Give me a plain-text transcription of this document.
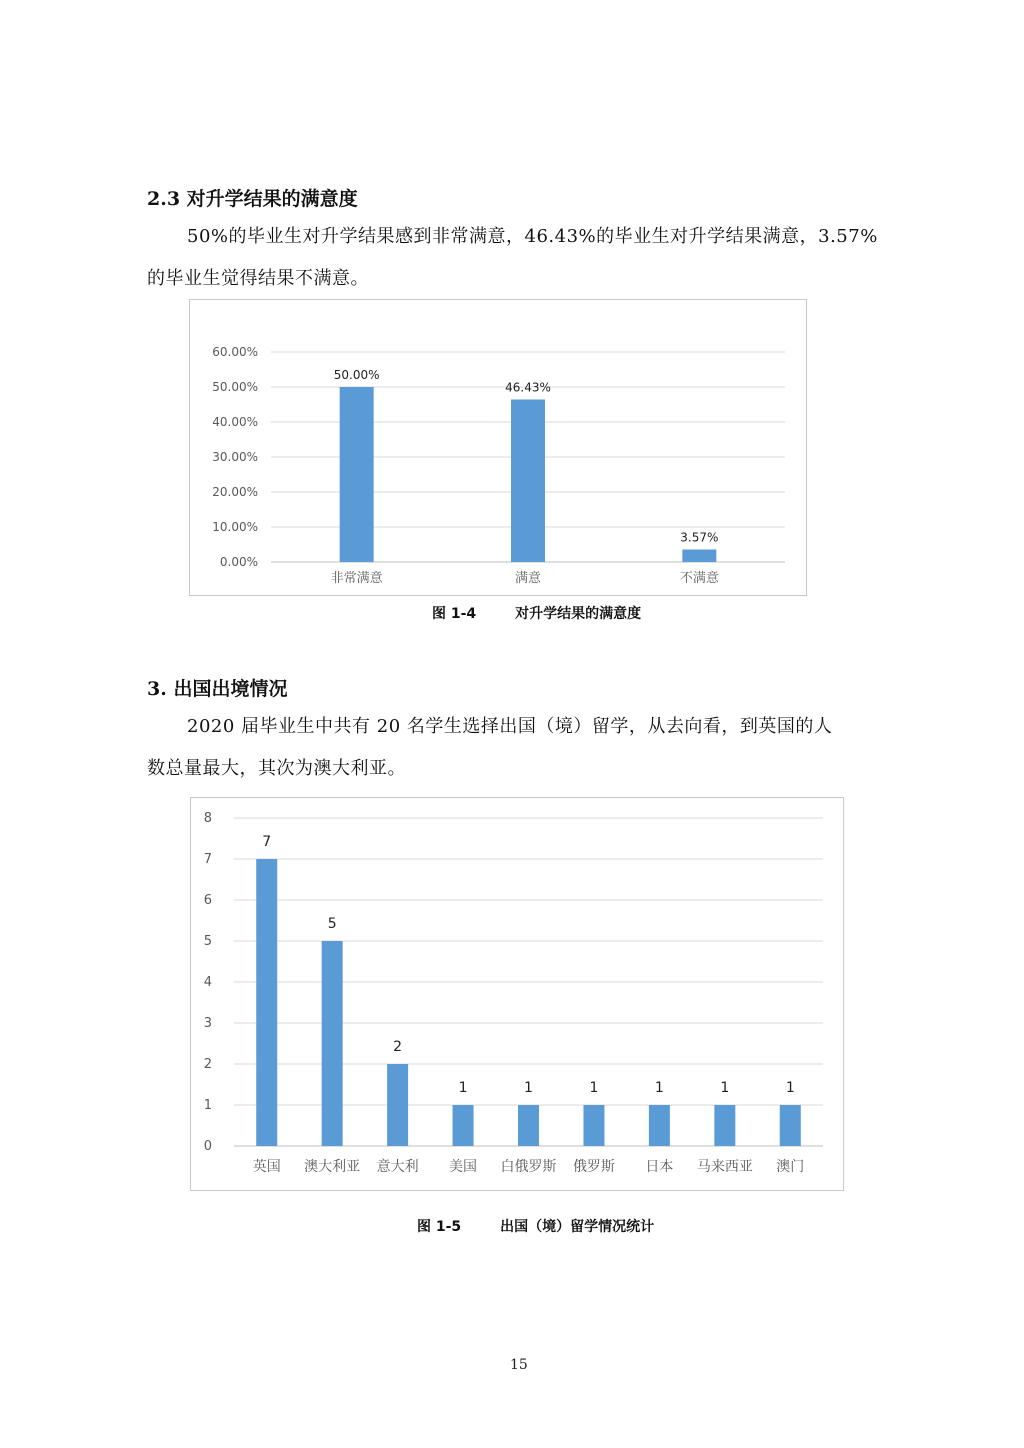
2.3 对升学结果的满意度
50%的毕业生对升学结果感到非常满意，46.43%的毕业生对升学结果满意，3.57%
的毕业生觉得结果不满意。
0.00%
10.00%
20.00%
30.00%
40.00%
50.00%
60.00%
50.00%
非常满意
46.43%
满意
3.57%
不满意
图 1-4        对升学结果的满意度
3. 出国出境情况
2020 届毕业生中共有 20 名学生选择出国（境）留学，从去向看，到英国的人
数总量最大，其次为澳大利亚。
0
1
2
3
4
5
6
7
8
7
英国
5
澳大利亚
2
意大利
1
美国
1
白俄罗斯
1
俄罗斯
1
日本
1
马来西亚
1
澳门
图 1-5        出国（境）留学情况统计
15
